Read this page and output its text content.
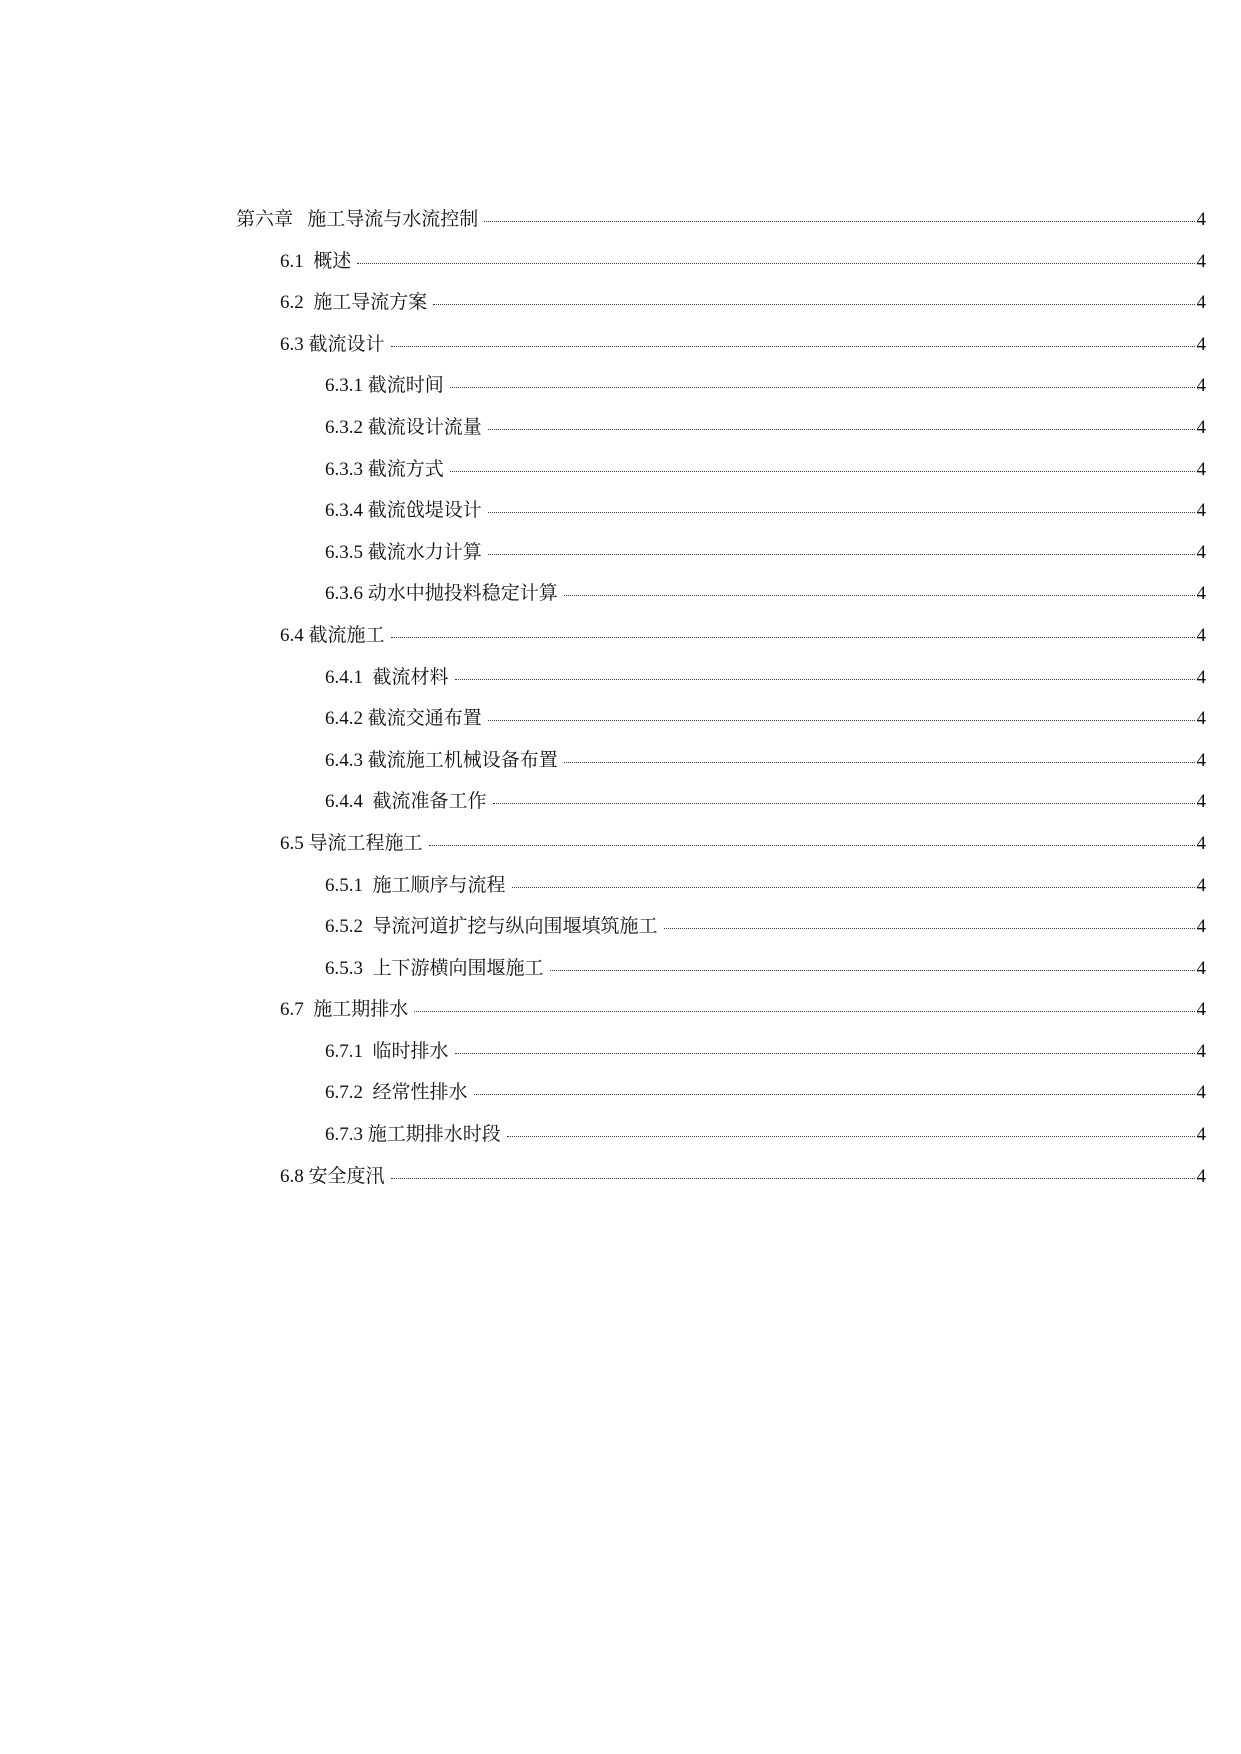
第六章   施工导流与水流控制	4
6.1  概述	4
6.2  施工导流方案	4
6.3 截流设计	4
6.3.1 截流时间	4
6.3.2 截流设计流量	4
6.3.3 截流方式	4
6.3.4 截流戗堤设计	4
6.3.5 截流水力计算	4
6.3.6 动水中抛投料稳定计算	4
6.4 截流施工	4
6.4.1  截流材料	4
6.4.2 截流交通布置	4
6.4.3 截流施工机械设备布置	4
6.4.4  截流准备工作	4
6.5 导流工程施工	4
6.5.1  施工顺序与流程	4
6.5.2  导流河道扩挖与纵向围堰填筑施工	4
6.5.3  上下游横向围堰施工	4
6.7  施工期排水	4
6.7.1  临时排水	4
6.7.2  经常性排水	4
6.7.3 施工期排水时段	4
6.8 安全度汛	4
